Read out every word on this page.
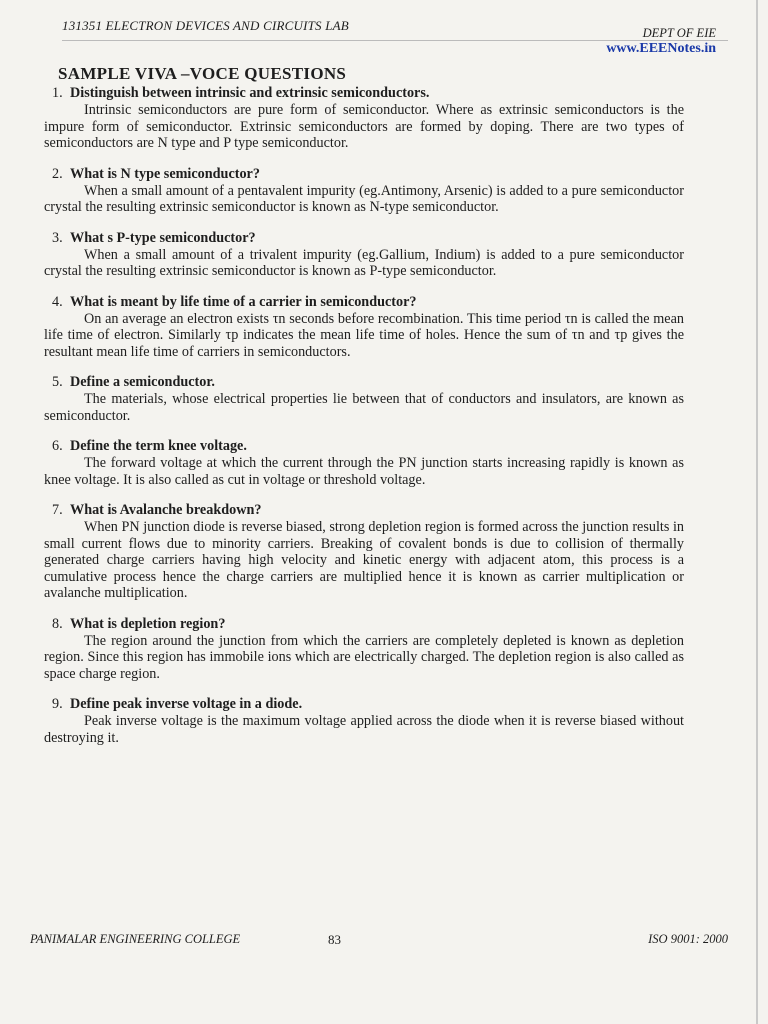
131351 ELECTRON DEVICES AND CIRCUITS LAB	DEPT OF EIE
www.EEENotes.in
SAMPLE VIVA –VOCE QUESTIONS
1. Distinguish between intrinsic and extrinsic semiconductors.
Intrinsic semiconductors are pure form of semiconductor. Where as extrinsic semiconductors is the impure form of semiconductor. Extrinsic semiconductors are formed by doping. There are two types of semiconductors are N type and P type semiconductor.
2. What is N type semiconductor?
When a small amount of a pentavalent impurity (eg.Antimony, Arsenic) is added to a pure semiconductor crystal the resulting extrinsic semiconductor is known as N-type semiconductor.
3. What s P-type semiconductor?
When a small amount of a trivalent impurity (eg.Gallium, Indium) is added to a pure semiconductor crystal the resulting extrinsic semiconductor is known as P-type semiconductor.
4. What is meant by life time of a carrier in semiconductor?
On an average an electron exists τn seconds before recombination. This time period τn is called the mean life time of electron. Similarly τp indicates the mean life time of holes. Hence the sum of τn and τp gives the resultant mean life time of carriers in semiconductors.
5. Define a semiconductor.
The materials, whose electrical properties lie between that of conductors and insulators, are known as semiconductor.
6. Define the term knee voltage.
The forward voltage at which the current through the PN junction starts increasing rapidly is known as knee voltage. It is also called as cut in voltage or threshold voltage.
7. What is Avalanche breakdown?
When PN junction diode is reverse biased, strong depletion region is formed across the junction results in small current flows due to minority carriers. Breaking of covalent bonds is due to collision of thermally generated charge carriers having high velocity and kinetic energy with adjacent atom, this process is a cumulative process hence the charge carriers are multiplied hence it is known as carrier multiplication or avalanche multiplication.
8. What is depletion region?
The region around the junction from which the carriers are completely depleted is known as depletion region. Since this region has immobile ions which are electrically charged. The depletion region is also called as space charge region.
9. Define peak inverse voltage in a diode.
Peak inverse voltage is the maximum voltage applied across the diode when it is reverse biased without destroying it.
PANIMALAR ENGINEERING COLLEGE	83	ISO 9001: 2000
